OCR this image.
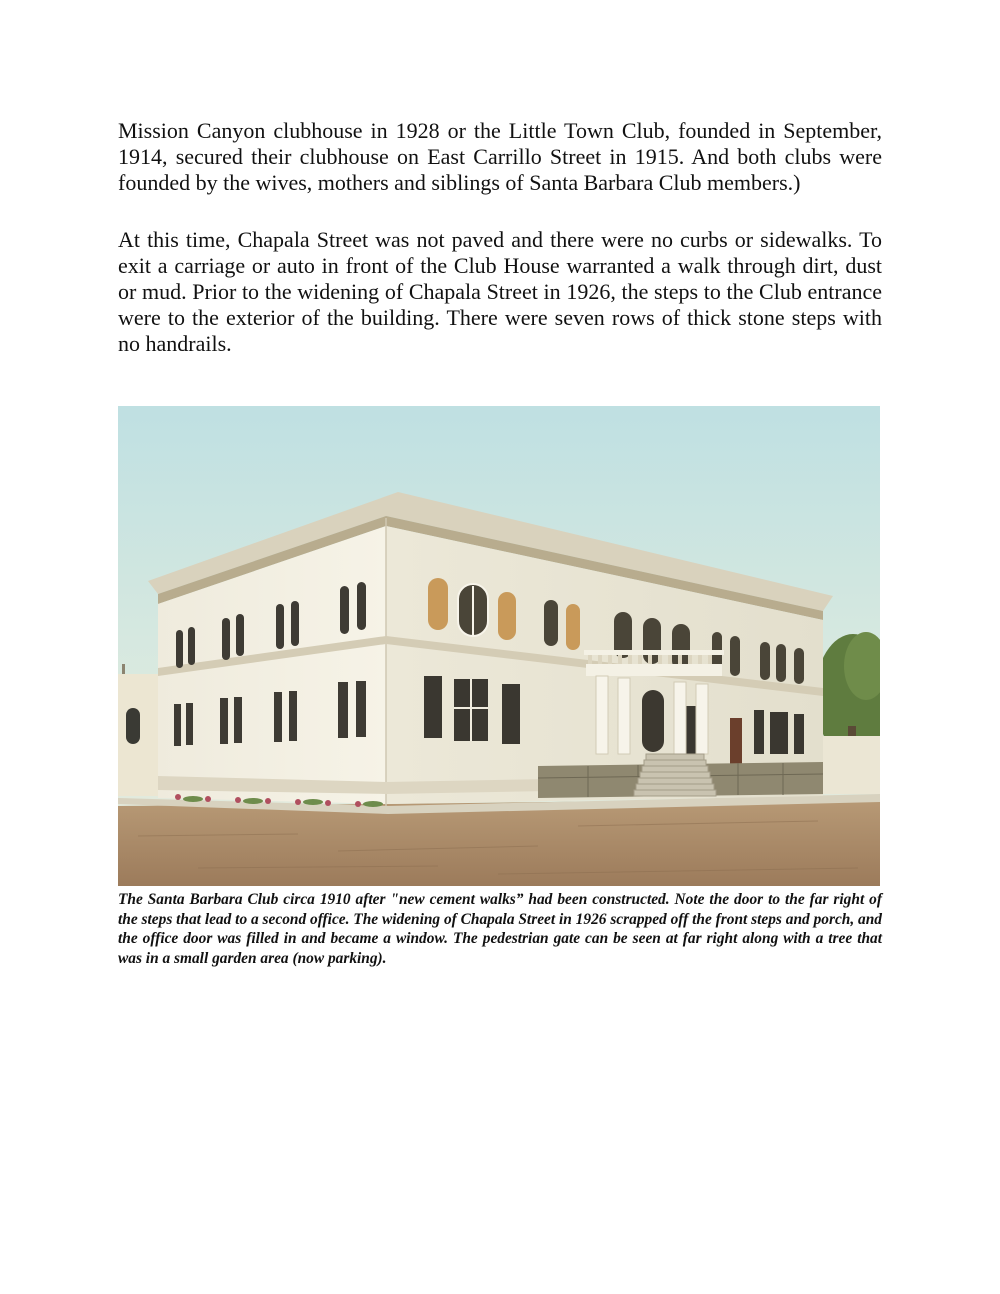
Mission Canyon clubhouse in 1928 or the Little Town Club, founded in September, 1914, secured their clubhouse on East Carrillo Street in 1915. And both clubs were founded by the wives, mothers and siblings of Santa Barbara Club members.)

At this time, Chapala Street was not paved and there were no curbs or sidewalks. To exit a carriage or auto in front of the Club House warranted a walk through dirt, dust or mud. Prior to the widening of Chapala Street in 1926, the steps to the Club entrance were to the exterior of the building. There were seven rows of thick stone steps with no handrails.

The Santa Barbara Club circa 1910 after "new cement walks” had been constructed. Note the door to the far right of the steps that lead to a second office. The widening of Chapala Street in 1926 scrapped off the front steps and porch, and the office door was filled in and became a window. The pedestrian gate can be seen at far right along with a tree that was in a small garden area (now parking).
